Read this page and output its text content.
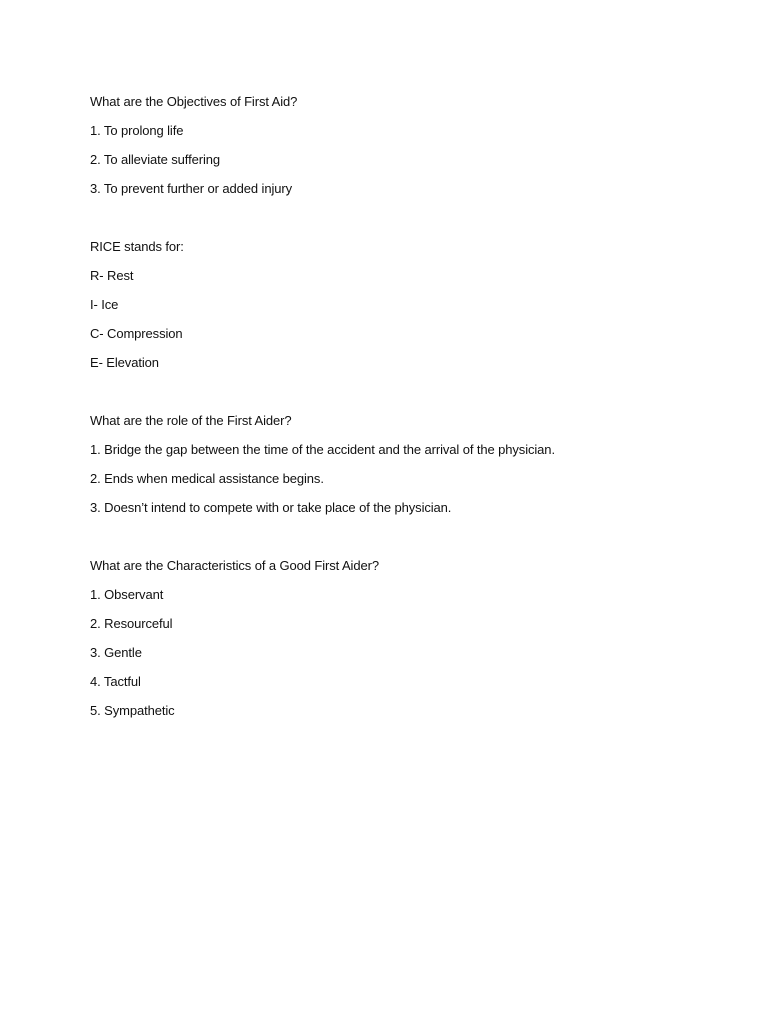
What are the Objectives of First Aid?
1. To prolong life
2. To alleviate suffering
3. To prevent further or added injury
RICE stands for:
R- Rest
I- Ice
C- Compression
E- Elevation
What are the role of the First Aider?
1. Bridge the gap between the time of the accident and the arrival of the physician.
2. Ends when medical assistance begins.
3. Doesn’t intend to compete with or take place of the physician.
What are the Characteristics of a Good First Aider?
1. Observant
2. Resourceful
3. Gentle
4. Tactful
5. Sympathetic
